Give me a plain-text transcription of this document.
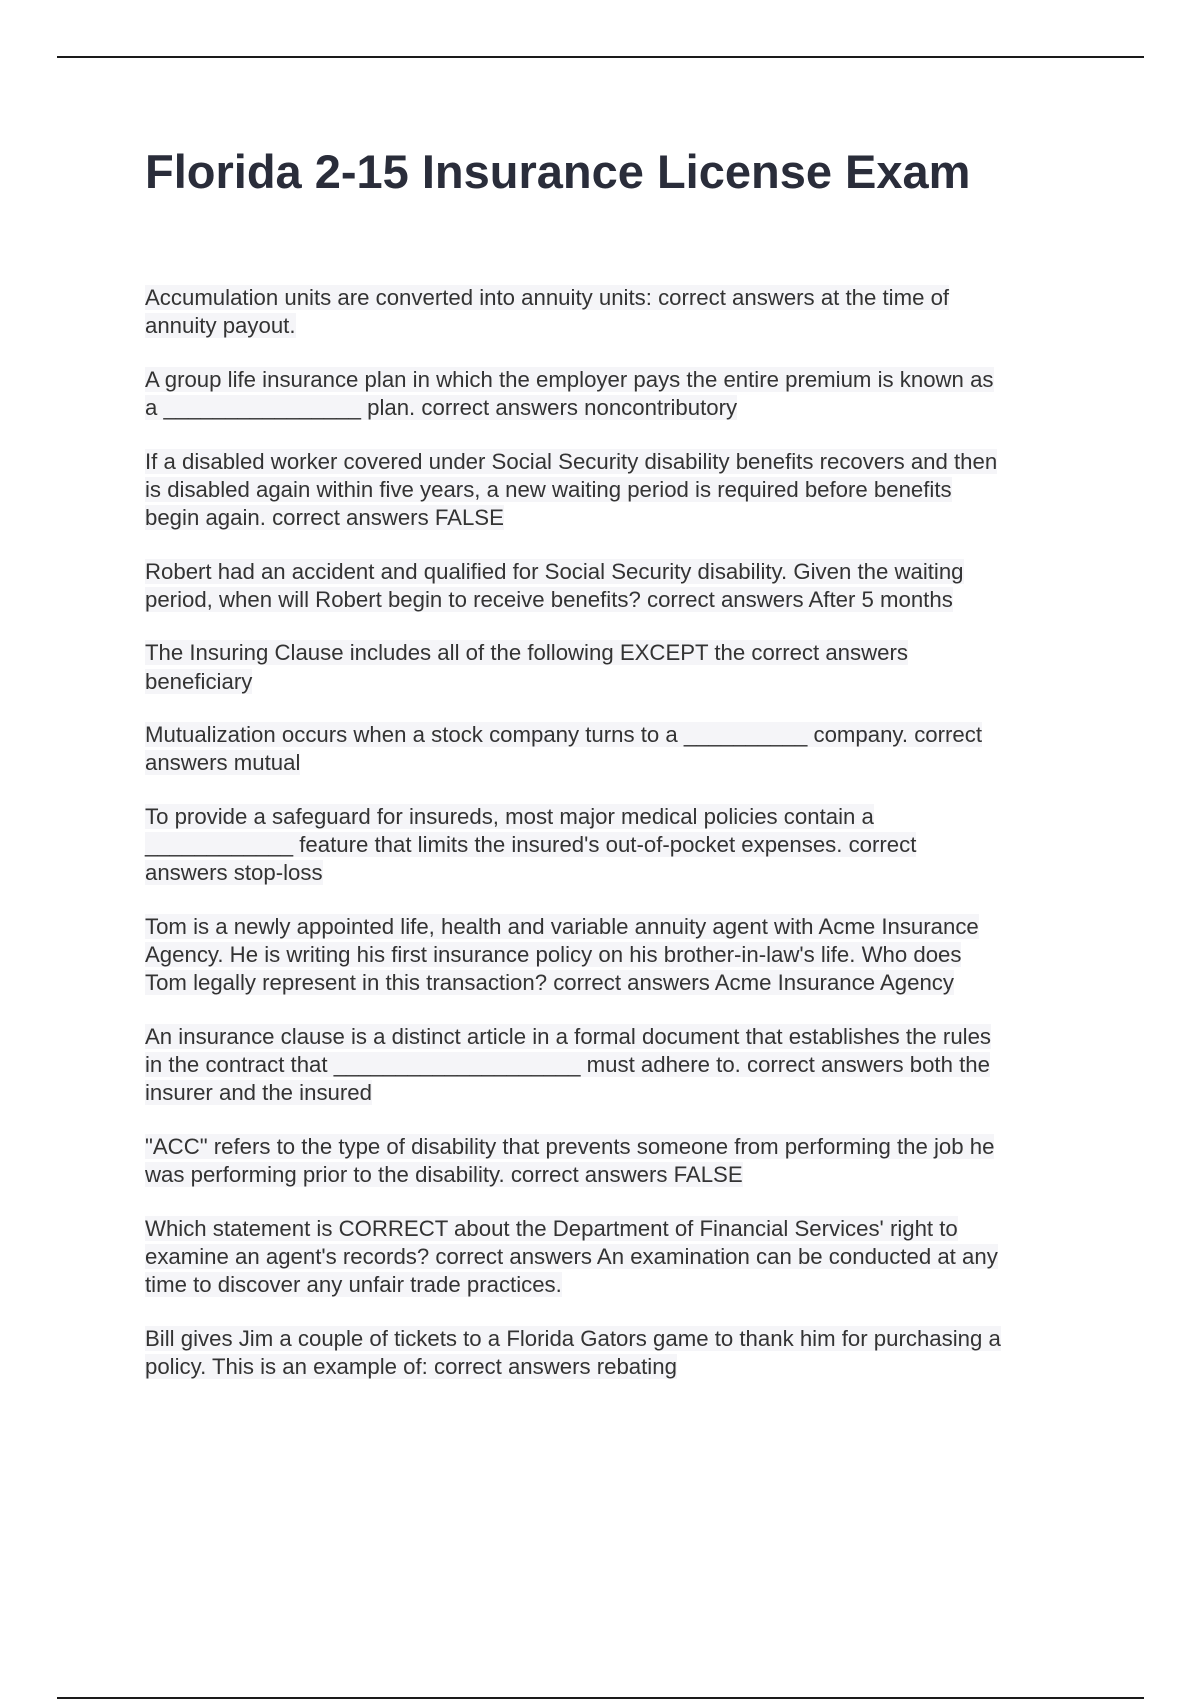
Florida 2-15 Insurance License Exam
Accumulation units are converted into annuity units: correct answers at the time of
annuity payout.
A group life insurance plan in which the employer pays the entire premium is known as
a ________________ plan. correct answers noncontributory
If a disabled worker covered under Social Security disability benefits recovers and then
is disabled again within five years, a new waiting period is required before benefits
begin again. correct answers FALSE
Robert had an accident and qualified for Social Security disability. Given the waiting
period, when will Robert begin to receive benefits? correct answers After 5 months
The Insuring Clause includes all of the following EXCEPT the correct answers
beneficiary
Mutualization occurs when a stock company turns to a __________ company. correct
answers mutual
To provide a safeguard for insureds, most major medical policies contain a
____________ feature that limits the insured's out-of-pocket expenses. correct
answers stop-loss
Tom is a newly appointed life, health and variable annuity agent with Acme Insurance
Agency. He is writing his first insurance policy on his brother-in-law's life. Who does
Tom legally represent in this transaction? correct answers Acme Insurance Agency
An insurance clause is a distinct article in a formal document that establishes the rules
in the contract that ____________________ must adhere to. correct answers both the
insurer and the insured
"ACC" refers to the type of disability that prevents someone from performing the job he
was performing prior to the disability. correct answers FALSE
Which statement is CORRECT about the Department of Financial Services' right to
examine an agent's records? correct answers An examination can be conducted at any
time to discover any unfair trade practices.
Bill gives Jim a couple of tickets to a Florida Gators game to thank him for purchasing a
policy. This is an example of: correct answers rebating
